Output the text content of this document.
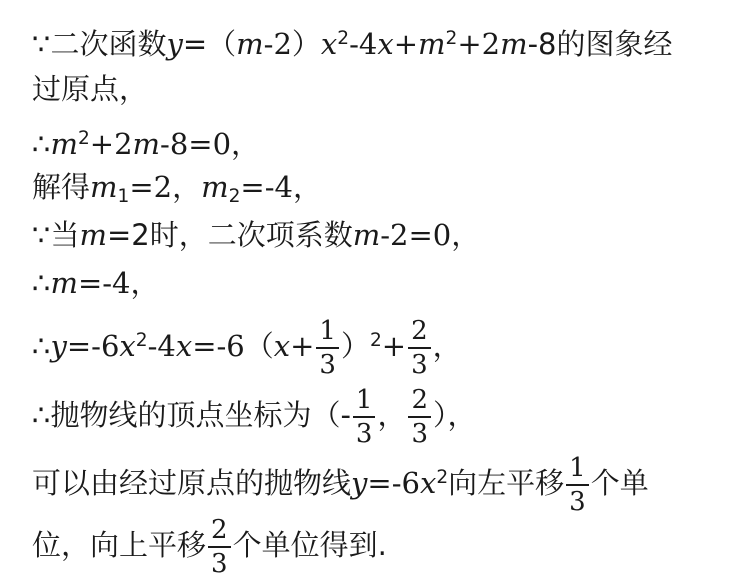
∵二次函数y=（m-2）x2-4x+m2+2m-8的图象经
过原点，
∴m2+2m-8=0，
解得m1=2，m2=-4，
∵当m=2时，二次项系数m-2=0，
∴m=-4，
∴y=-6x2-4x=-6（x+ $\frac{1}{3} )2+ \frac{2}{3}$ ，
∴抛物线的顶点坐标为（- $\frac{1}{3}$ ， $\frac{2}{3}$ ），
可以由经过原点的抛物线y=-6x2向左平移 $\frac{1}{3}$ 个单
位，向上平移 $\frac{2}{3}$ 个单位得到.
